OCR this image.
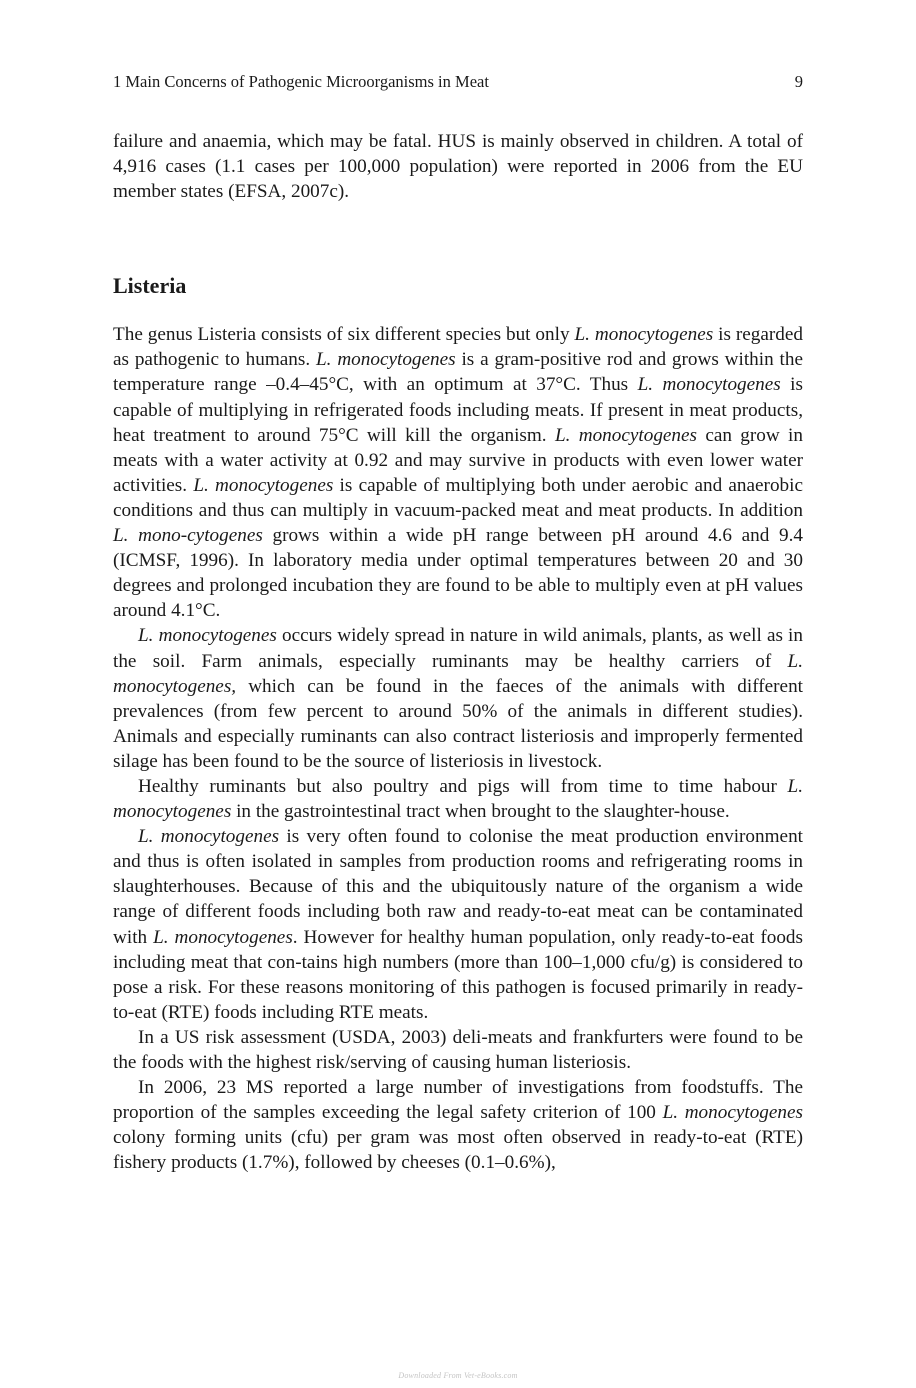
1 Main Concerns of Pathogenic Microorganisms in Meat	9

failure and anaemia, which may be fatal. HUS is mainly observed in children. A total of 4,916 cases (1.1 cases per 100,000 population) were reported in 2006 from the EU member states (EFSA, 2007c).

Listeria

The genus Listeria consists of six different species but only L. monocytogenes is regarded as pathogenic to humans. L. monocytogenes is a gram-positive rod and grows within the temperature range –0.4–45°C, with an optimum at 37°C. Thus L. monocytogenes is capable of multiplying in refrigerated foods including meats. If present in meat products, heat treatment to around 75°C will kill the organism. L. monocytogenes can grow in meats with a water activity at 0.92 and may survive in products with even lower water activities. L. monocytogenes is capable of multiplying both under aerobic and anaerobic conditions and thus can multiply in vacuum-packed meat and meat products. In addition L. mono-cytogenes grows within a wide pH range between pH around 4.6 and 9.4 (ICMSF, 1996). In laboratory media under optimal temperatures between 20 and 30 degrees and prolonged incubation they are found to be able to multiply even at pH values around 4.1°C.

L. monocytogenes occurs widely spread in nature in wild animals, plants, as well as in the soil. Farm animals, especially ruminants may be healthy carriers of L. monocytogenes, which can be found in the faeces of the animals with different prevalences (from few percent to around 50% of the animals in different studies). Animals and especially ruminants can also contract listeriosis and improperly fermented silage has been found to be the source of listeriosis in livestock.

Healthy ruminants but also poultry and pigs will from time to time habour L. monocytogenes in the gastrointestinal tract when brought to the slaughter-house.

L. monocytogenes is very often found to colonise the meat production environment and thus is often isolated in samples from production rooms and refrigerating rooms in slaughterhouses. Because of this and the ubiquitously nature of the organism a wide range of different foods including both raw and ready-to-eat meat can be contaminated with L. monocytogenes. However for healthy human population, only ready-to-eat foods including meat that con-tains high numbers (more than 100–1,000 cfu/g) is considered to pose a risk. For these reasons monitoring of this pathogen is focused primarily in ready-to-eat (RTE) foods including RTE meats.

In a US risk assessment (USDA, 2003) deli-meats and frankfurters were found to be the foods with the highest risk/serving of causing human listeriosis.

In 2006, 23 MS reported a large number of investigations from foodstuffs. The proportion of the samples exceeding the legal safety criterion of 100 L. monocytogenes colony forming units (cfu) per gram was most often observed in ready-to-eat (RTE) fishery products (1.7%), followed by cheeses (0.1–0.6%),

Downloaded From Vet-eBooks.com
